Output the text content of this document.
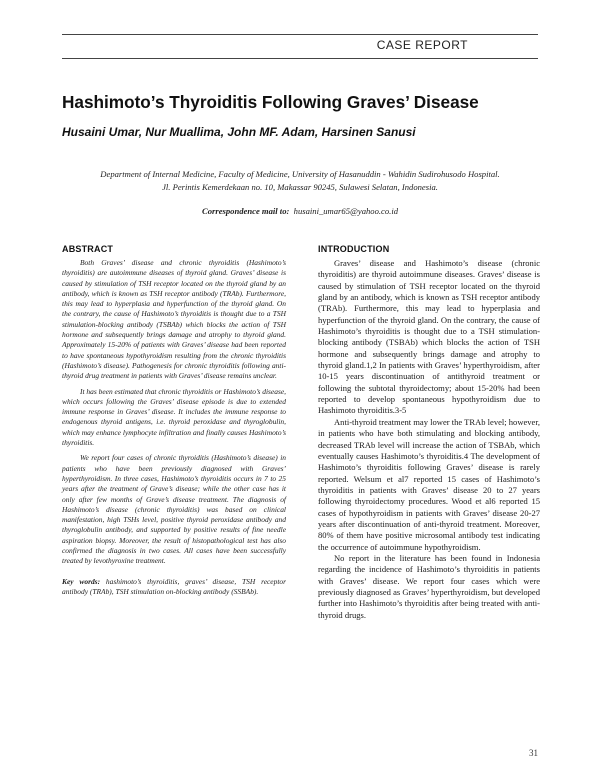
CASE REPORT
Hashimoto’s Thyroiditis Following Graves’ Disease
Husaini Umar, Nur Muallima, John MF. Adam, Harsinen Sanusi
Department of Internal Medicine, Faculty of Medicine, University of Hasanuddin - Wahidin Sudirohusodo Hospital.
Jl. Perintis Kemerdekaan no. 10, Makassar 90245, Sulawesi Selatan, Indonesia.
Correspondence mail to: husaini_umar65@yahoo.co.id
ABSTRACT

Both Graves’ disease and chronic thyroiditis (Hashimoto’s thyroiditis) are autoimmune diseases of thyroid gland. Graves’ disease is caused by stimulation of TSH receptor located on the thyroid gland by an antibody, which is known as TSH receptor antibody (TRAb). Furthermore, this may lead to hyperplasia and hyperfunction of the thyroid gland. On the contrary, the cause of Hashimoto’s thyroiditis is thought due to a TSH stimulation-blocking antibody (TSBAb) which blocks the action of TSH hormone and subsequently brings damage and atrophy to thyroid gland. Approximately 15-20% of patients with Graves’ disease had been reported to have spontaneous hypothyroidism resulting from the chronic thyroiditis (Hashimoto’s disease). Pathogenesis for chronic thyroiditis following anti-thyroid drug treatment in patients with Graves’ disease remains unclear.

It has been estimated that chronic thyroiditis or Hashimoto’s disease, which occurs following the Graves’ disease episode is due to extended immune response in Graves’ disease. It includes the immune response to endogenous thyroid antigens, i.e. thyroid peroxidase and thyroglobulin, which may enhance lymphocyte infiltration and finally causes Hashimoto’s thyroiditis.

We report four cases of chronic thyroiditis (Hashimoto’s disease) in patients who have been previously diagnosed with Graves’ hyperthyroidism. In three cases, Hashimoto’s thyroiditis occurs in 7 to 25 years after the treatment of Grave’s disease; while the other case has it only after few months of Grave’s disease treatment. The diagnosis of Hashimoto’s disease (chronic thyroiditis) was based on clinical manifestation, high TSHs level, positive thyroid peroxidase antibody and thyroglobulin antibody, and supported by positive results of fine needle aspiration biopsy. Moreover, the result of histopathological test has also confirmed the diagnosis in two cases. All cases have been successfully treated by levothyroxine treatment.

Key words: hashimoto’s thyroiditis, graves’ disease, TSH receptor antibody (TRAb), TSH stimulation on-blocking antibody (SSBAb).
INTRODUCTION

Graves’ disease and Hashimoto’s disease (chronic thyroiditis) are thyroid autoimmune diseases. Graves’ disease is caused by stimulation of TSH receptor located on the thyroid gland by an antibody, which is known as TSH receptor antibody (TRAb). Furthermore, this may lead to hyperplasia and hyperfunction of the thyroid gland. On the contrary, the cause of Hashimoto’s thyroiditis is thought due to a TSH stimulation-blocking antibody (TSBAb) which blocks the action of TSH hormone and subsequently brings damage and atrophy to thyroid gland.1,2 In patients with Graves’ hyperthyroidism, after 10-15 years discontinuation of antithyroid treatment or following the subtotal thyroidectomy; about 15-20% had been reported to develop spontaneous hypothyroidism due to Hashimoto thyroiditis.3-5

Anti-thyroid treatment may lower the TRAb level; however, in patients who have both stimulating and blocking antibody, decreased TRAb level will increase the action of TSBAb, which eventually causes Hashimoto’s thyroiditis.4 The development of Hashimoto’s thyroiditis following Graves’ disease is rarely reported. Welsum et al7 reported 15 cases of Hashimoto’s thyroiditis in patients with Graves’ disease 20 to 27 years following thyroidectomy procedures. Wood et al6 reported 15 cases of hypothyroidism in patients with Graves’ disease 20-27 years after discontinuation of anti-thyroid treatment. Moreover, 80% of them have positive microsomal antibody test indicating the occurrence of autoimmune hypothyroidism.

No report in the literature has been found in Indonesia regarding the incidence of Hashimoto’s thyroiditis in patients with Graves’ disease. We report four cases which were previously diagnosed as Graves’ hyperthyroidism, but developed further into Hashimoto’s thyroiditis after being treated with anti-thyroid drugs.

31
